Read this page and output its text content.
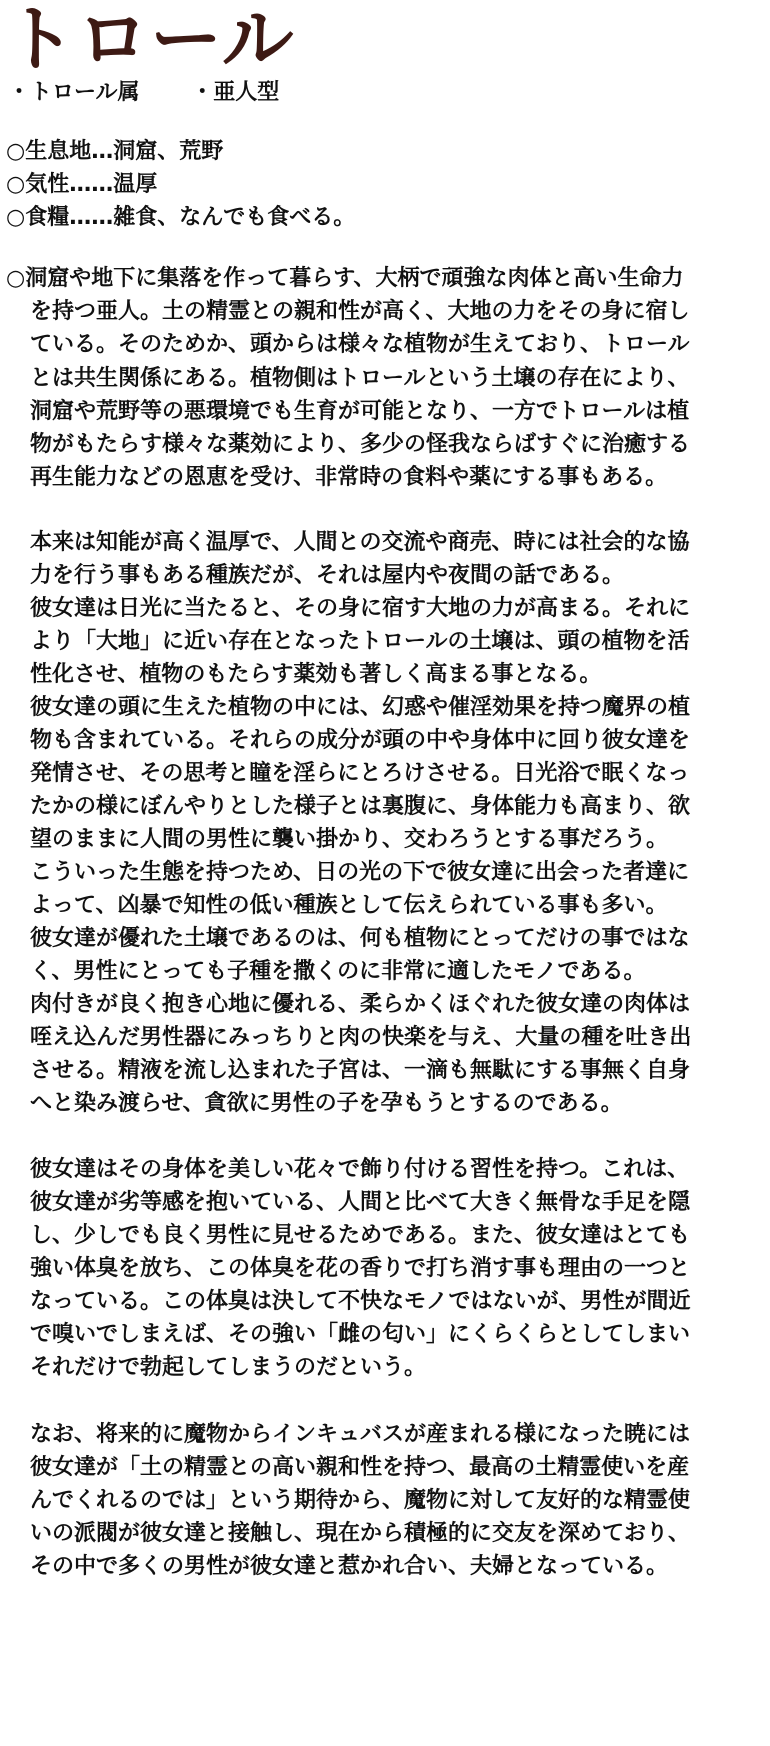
トロール
・トロール属 ・亜人型
○生息地…洞窟、荒野
○気性……温厚
○食糧……雑食、なんでも食べる。
○洞窟や地下に集落を作って暮らす、大柄で頑強な肉体と高い生命力
を持つ亜人。土の精霊との親和性が高く、大地の力をその身に宿し
ている。そのためか、頭からは様々な植物が生えており、トロール
とは共生関係にある。植物側はトロールという土壌の存在により、
洞窟や荒野等の悪環境でも生育が可能となり、一方でトロールは植
物がもたらす様々な薬効により、多少の怪我ならばすぐに治癒する
再生能力などの恩恵を受け、非常時の食料や薬にする事もある。
本来は知能が高く温厚で、人間との交流や商売、時には社会的な協
力を行う事もある種族だが、それは屋内や夜間の話である。
彼女達は日光に当たると、その身に宿す大地の力が高まる。それに
より「大地」に近い存在となったトロールの土壌は、頭の植物を活
性化させ、植物のもたらす薬効も著しく高まる事となる。
彼女達の頭に生えた植物の中には、幻惑や催淫効果を持つ魔界の植
物も含まれている。それらの成分が頭の中や身体中に回り彼女達を
発情させ、その思考と瞳を淫らにとろけさせる。日光浴で眠くなっ
たかの様にぼんやりとした様子とは裏腹に、身体能力も高まり、欲
望のままに人間の男性に襲い掛かり、交わろうとする事だろう。
こういった生態を持つため、日の光の下で彼女達に出会った者達に
よって、凶暴で知性の低い種族として伝えられている事も多い。
彼女達が優れた土壌であるのは、何も植物にとってだけの事ではな
く、男性にとっても子種を撒くのに非常に適したモノである。
肉付きが良く抱き心地に優れる、柔らかくほぐれた彼女達の肉体は
咥え込んだ男性器にみっちりと肉の快楽を与え、大量の種を吐き出
させる。精液を流し込まれた子宮は、一滴も無駄にする事無く自身
へと染み渡らせ、貪欲に男性の子を孕もうとするのである。
彼女達はその身体を美しい花々で飾り付ける習性を持つ。これは、
彼女達が劣等感を抱いている、人間と比べて大きく無骨な手足を隠
し、少しでも良く男性に見せるためである。また、彼女達はとても
強い体臭を放ち、この体臭を花の香りで打ち消す事も理由の一つと
なっている。この体臭は決して不快なモノではないが、男性が間近
で嗅いでしまえば、その強い「雌の匂い」にくらくらとしてしまい
それだけで勃起してしまうのだという。
なお、将来的に魔物からインキュバスが産まれる様になった暁には
彼女達が「土の精霊との高い親和性を持つ、最高の土精霊使いを産
んでくれるのでは」という期待から、魔物に対して友好的な精霊使
いの派閥が彼女達と接触し、現在から積極的に交友を深めており、
その中で多くの男性が彼女達と惹かれ合い、夫婦となっている。
